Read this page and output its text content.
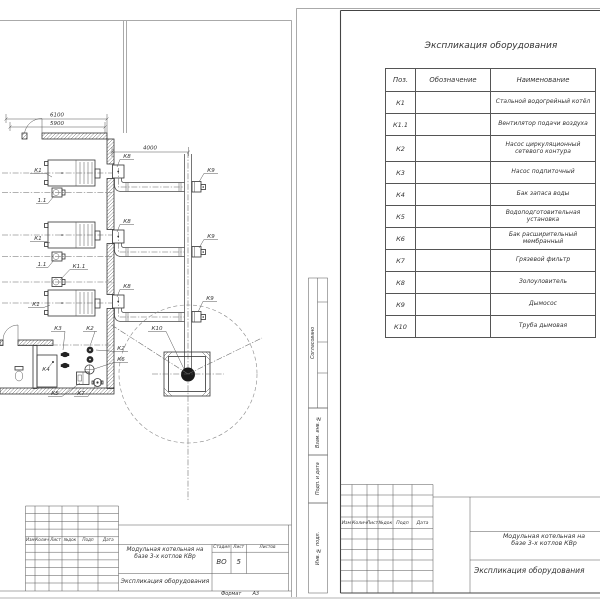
6100
5900
4000
К1
К1
К1
1.1
1.1	К1.1
К8
К8
К8
К9
К9
К9
К10
К3	К2
К2
К6
К4
К5	К7
Экспликация оборудования
Поз.	Обозначение	Наименование
К1		Стальной водогрейный котёл
К1.1		Вентилятор подачи воздуха
К2		Насос циркуляционный сетевого контура
К3		Насос подпиточный
К4		Бак запаса воды
К5		Водоподготовительная установка
К6		Бак расширительный мембранный
К7		Грязевой фильтр
К8		Золоуловитель
К9		Дымосос
К10		Труба дымовая
Согласовано
Взам. инв. №
Подп. и дата
Инв. № подл.	Модульная котельная на
базе 3-х котлов КВр
Экспликация оборудования
Модульная котельная на
базе 3-х котлов КВр
Экспликация оборудования
Стадия Лист	Листов
ВО	5
Формат А3
Изм Колич Лист №док	Подп	Дата
Изм Колич Лист №док Подп	Дата
